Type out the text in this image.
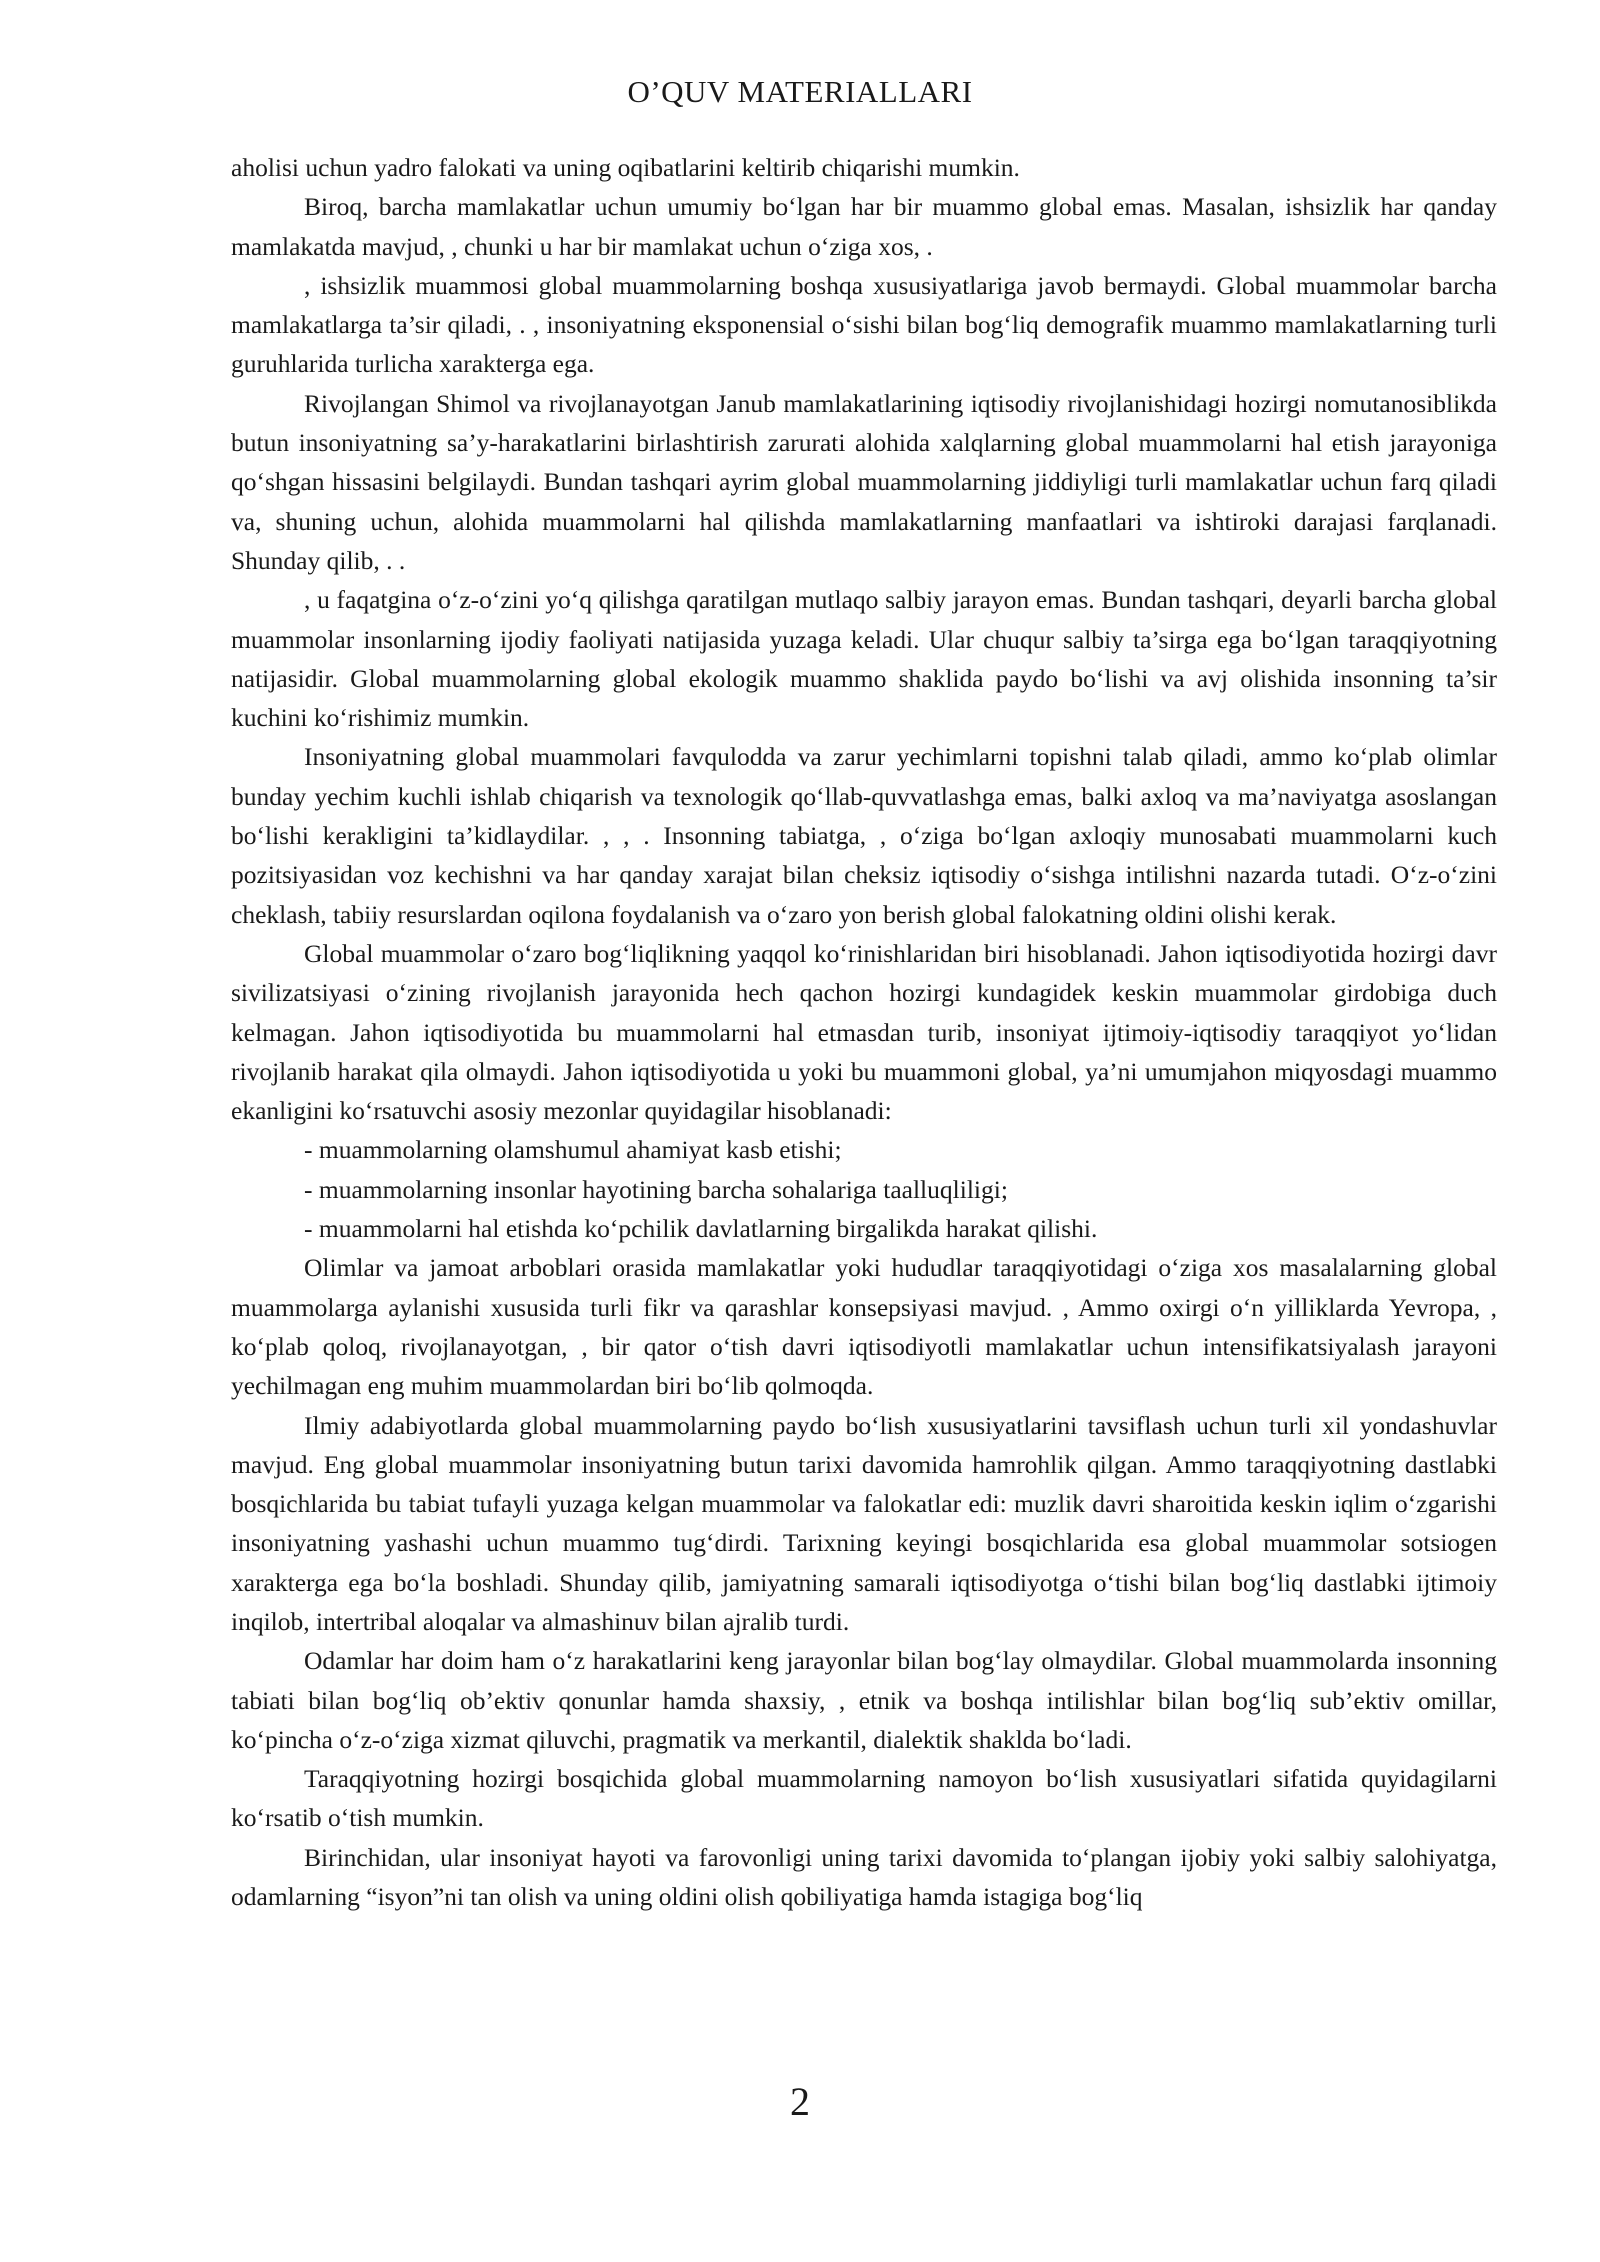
O’QUV MATERIALLARI

aholisi uchun yadro falokati va uning oqibatlarini keltirib chiqarishi mumkin.

Biroq, barcha mamlakatlar uchun umumiy bo‘lgan har bir muammo global emas. Masalan, ishsizlik har qanday mamlakatda mavjud, , chunki u har bir mamlakat uchun o‘ziga xos, .

, ishsizlik muammosi global muammolarning boshqa xususiyatlariga javob bermaydi. Global muammolar barcha mamlakatlarga ta’sir qiladi, . , insoniyatning eksponensial o‘sishi bilan bog‘liq demografik muammo mamlakatlarning turli guruhlarida turlicha xarakterga ega.

Rivojlangan Shimol va rivojlanayotgan Janub mamlakatlarining iqtisodiy rivojlanishidagi hozirgi nomutanosiblikda butun insoniyatning sa’y-harakatlarini birlashtirish zarurati alohida xalqlarning global muammolarni hal etish jarayoniga qo‘shgan hissasini belgilaydi. Bundan tashqari ayrim global muammolarning jiddiyligi turli mamlakatlar uchun farq qiladi va, shuning uchun, alohida muammolarni hal qilishda mamlakatlarning manfaatlari va ishtiroki darajasi farqlanadi. Shunday qilib, . .

, u faqatgina o‘z-o‘zini yo‘q qilishga qaratilgan mutlaqo salbiy jarayon emas. Bundan tashqari, deyarli barcha global muammolar insonlarning ijodiy faoliyati natijasida yuzaga keladi. Ular chuqur salbiy ta’sirga ega bo‘lgan taraqqiyotning natijasidir. Global muammolarning global ekologik muammo shaklida paydo bo‘lishi va avj olishida insonning ta’sir kuchini ko‘rishimiz mumkin.

Insoniyatning global muammolari favqulodda va zarur yechimlarni topishni talab qiladi, ammo ko‘plab olimlar bunday yechim kuchli ishlab chiqarish va texnologik qo‘llab-quvvatlashga emas, balki axloq va ma’naviyatga asoslangan bo‘lishi kerakligini ta’kidlaydilar. , , . Insonning tabiatga, , o‘ziga bo‘lgan axloqiy munosabati muammolarni kuch pozitsiyasidan voz kechishni va har qanday xarajat bilan cheksiz iqtisodiy o‘sishga intilishni nazarda tutadi. O‘z-o‘zini cheklash, tabiiy resurslardan oqilona foydalanish va o‘zaro yon berish global falokatning oldini olishi kerak.

Global muammolar o‘zaro bog‘liqlikning yaqqol ko‘rinishlaridan biri hisoblanadi. Jahon iqtisodiyotida hozirgi davr sivilizatsiyasi o‘zining rivojlanish jarayonida hech qachon hozirgi kundagidek keskin muammolar girdobiga duch kelmagan. Jahon iqtisodiyotida bu muammolarni hal etmasdan turib, insoniyat ijtimoiy-iqtisodiy taraqqiyot yo‘lidan rivojlanib harakat qila olmaydi. Jahon iqtisodiyotida u yoki bu muammoni global, ya’ni umumjahon miqyosdagi muammo ekanligini ko‘rsatuvchi asosiy mezonlar quyidagilar hisoblanadi:

- muammolarning olamshumul ahamiyat kasb etishi;

- muammolarning insonlar hayotining barcha sohalariga taalluqliligi;

- muammolarni hal etishda ko‘pchilik davlatlarning birgalikda harakat qilishi.

Olimlar va jamoat arboblari orasida mamlakatlar yoki hududlar taraqqiyotidagi o‘ziga xos masalalarning global muammolarga aylanishi xususida turli fikr va qarashlar konsepsiyasi mavjud. , Ammo oxirgi o‘n yilliklarda Yevropa, , ko‘plab qoloq, rivojlanayotgan, , bir qator o‘tish davri iqtisodiyotli mamlakatlar uchun intensifikatsiyalash jarayoni yechilmagan eng muhim muammolardan biri bo‘lib qolmoqda.

Ilmiy adabiyotlarda global muammolarning paydo bo‘lish xususiyatlarini tavsiflash uchun turli xil yondashuvlar mavjud. Eng global muammolar insoniyatning butun tarixi davomida hamrohlik qilgan. Ammo taraqqiyotning dastlabki bosqichlarida bu tabiat tufayli yuzaga kelgan muammolar va falokatlar edi: muzlik davri sharoitida keskin iqlim o‘zgarishi insoniyatning yashashi uchun muammo tug‘dirdi. Tarixning keyingi bosqichlarida esa global muammolar sotsiogen xarakterga ega bo‘la boshladi. Shunday qilib, jamiyatning samarali iqtisodiyotga o‘tishi bilan bog‘liq dastlabki ijtimoiy inqilob, intertribal aloqalar va almashinuv bilan ajralib turdi.

Odamlar har doim ham o‘z harakatlarini keng jarayonlar bilan bog‘lay olmaydilar. Global muammolarda insonning tabiati bilan bog‘liq ob’ektiv qonunlar hamda shaxsiy, , etnik va boshqa intilishlar bilan bog‘liq sub’ektiv omillar, ko‘pincha o‘z-o‘ziga xizmat qiluvchi, pragmatik va merkantil, dialektik shaklda bo‘ladi.

Taraqqiyotning hozirgi bosqichida global muammolarning namoyon bo‘lish xususiyatlari sifatida quyidagilarni ko‘rsatib o‘tish mumkin.

Birinchidan, ular insoniyat hayoti va farovonligi uning tarixi davomida to‘plangan ijobiy yoki salbiy salohiyatga, odamlarning “isyon”ni tan olish va uning oldini olish qobiliyatiga hamda istagiga bog‘liq

2
